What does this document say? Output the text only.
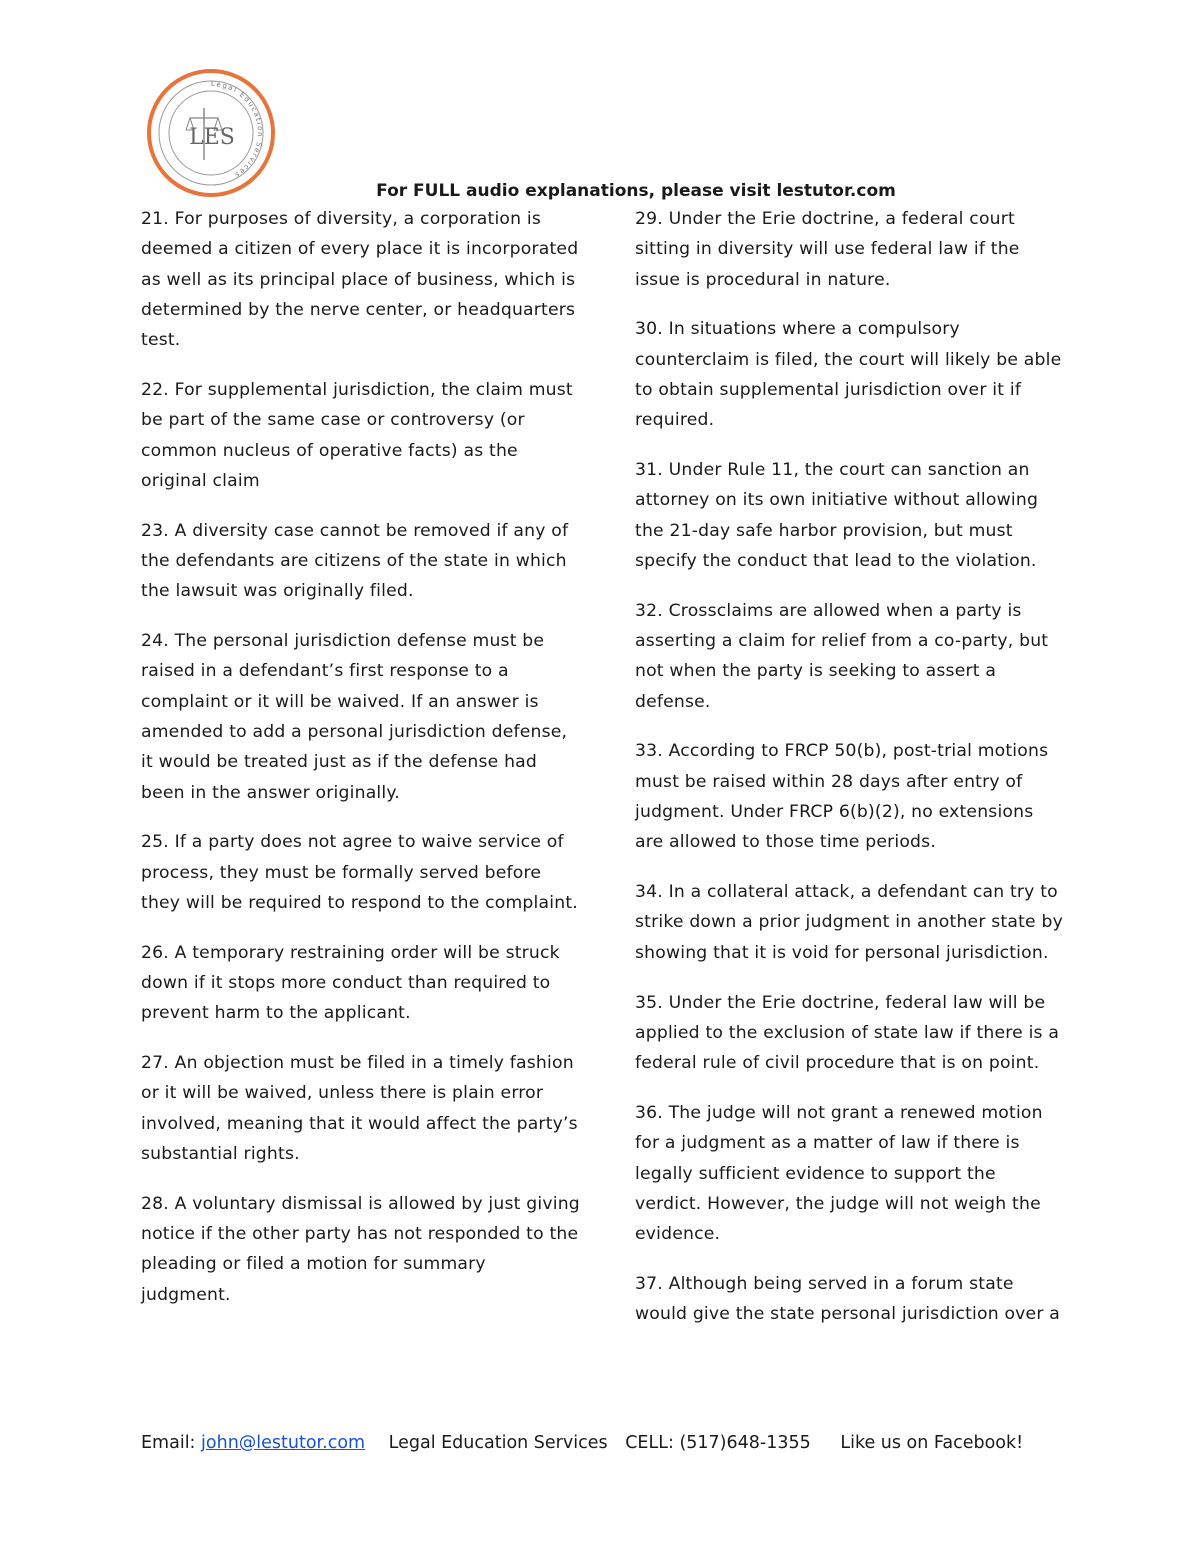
Legal Education Services
LES
For FULL audio explanations, please visit lestutor.com

21. For purposes of diversity, a corporation is deemed a citizen of every place it is incorporated as well as its principal place of business, which is determined by the nerve center, or headquarters test.

22. For supplemental jurisdiction, the claim must be part of the same case or controversy (or common nucleus of operative facts) as the original claim

23. A diversity case cannot be removed if any of the defendants are citizens of the state in which the lawsuit was originally filed.

24. The personal jurisdiction defense must be raised in a defendant’s first response to a complaint or it will be waived. If an answer is amended to add a personal jurisdiction defense, it would be treated just as if the defense had been in the answer originally.

25. If a party does not agree to waive service of process, they must be formally served before they will be required to respond to the complaint.

26. A temporary restraining order will be struck down if it stops more conduct than required to prevent harm to the applicant.

27. An objection must be filed in a timely fashion or it will be waived, unless there is plain error involved, meaning that it would affect the party’s substantial rights.

28. A voluntary dismissal is allowed by just giving notice if the other party has not responded to the pleading or filed a motion for summary judgment.

29. Under the Erie doctrine, a federal court sitting in diversity will use federal law if the issue is procedural in nature.

30. In situations where a compulsory counterclaim is filed, the court will likely be able to obtain supplemental jurisdiction over it if required.

31. Under Rule 11, the court can sanction an attorney on its own initiative without allowing the 21-day safe harbor provision, but must specify the conduct that lead to the violation.

32. Crossclaims are allowed when a party is asserting a claim for relief from a co-party, but not when the party is seeking to assert a defense.

33. According to FRCP 50(b), post-trial motions must be raised within 28 days after entry of judgment. Under FRCP 6(b)(2), no extensions are allowed to those time periods.

34. In a collateral attack, a defendant can try to strike down a prior judgment in another state by showing that it is void for personal jurisdiction.

35. Under the Erie doctrine, federal law will be applied to the exclusion of state law if there is a federal rule of civil procedure that is on point.

36. The judge will not grant a renewed motion for a judgment as a matter of law if there is legally sufficient evidence to support the verdict. However, the judge will not weigh the evidence.

37. Although being served in a forum state would give the state personal jurisdiction over a

Email: john@lestutor.com Legal Education Services CELL: (517)648-1355 Like us on Facebook!
